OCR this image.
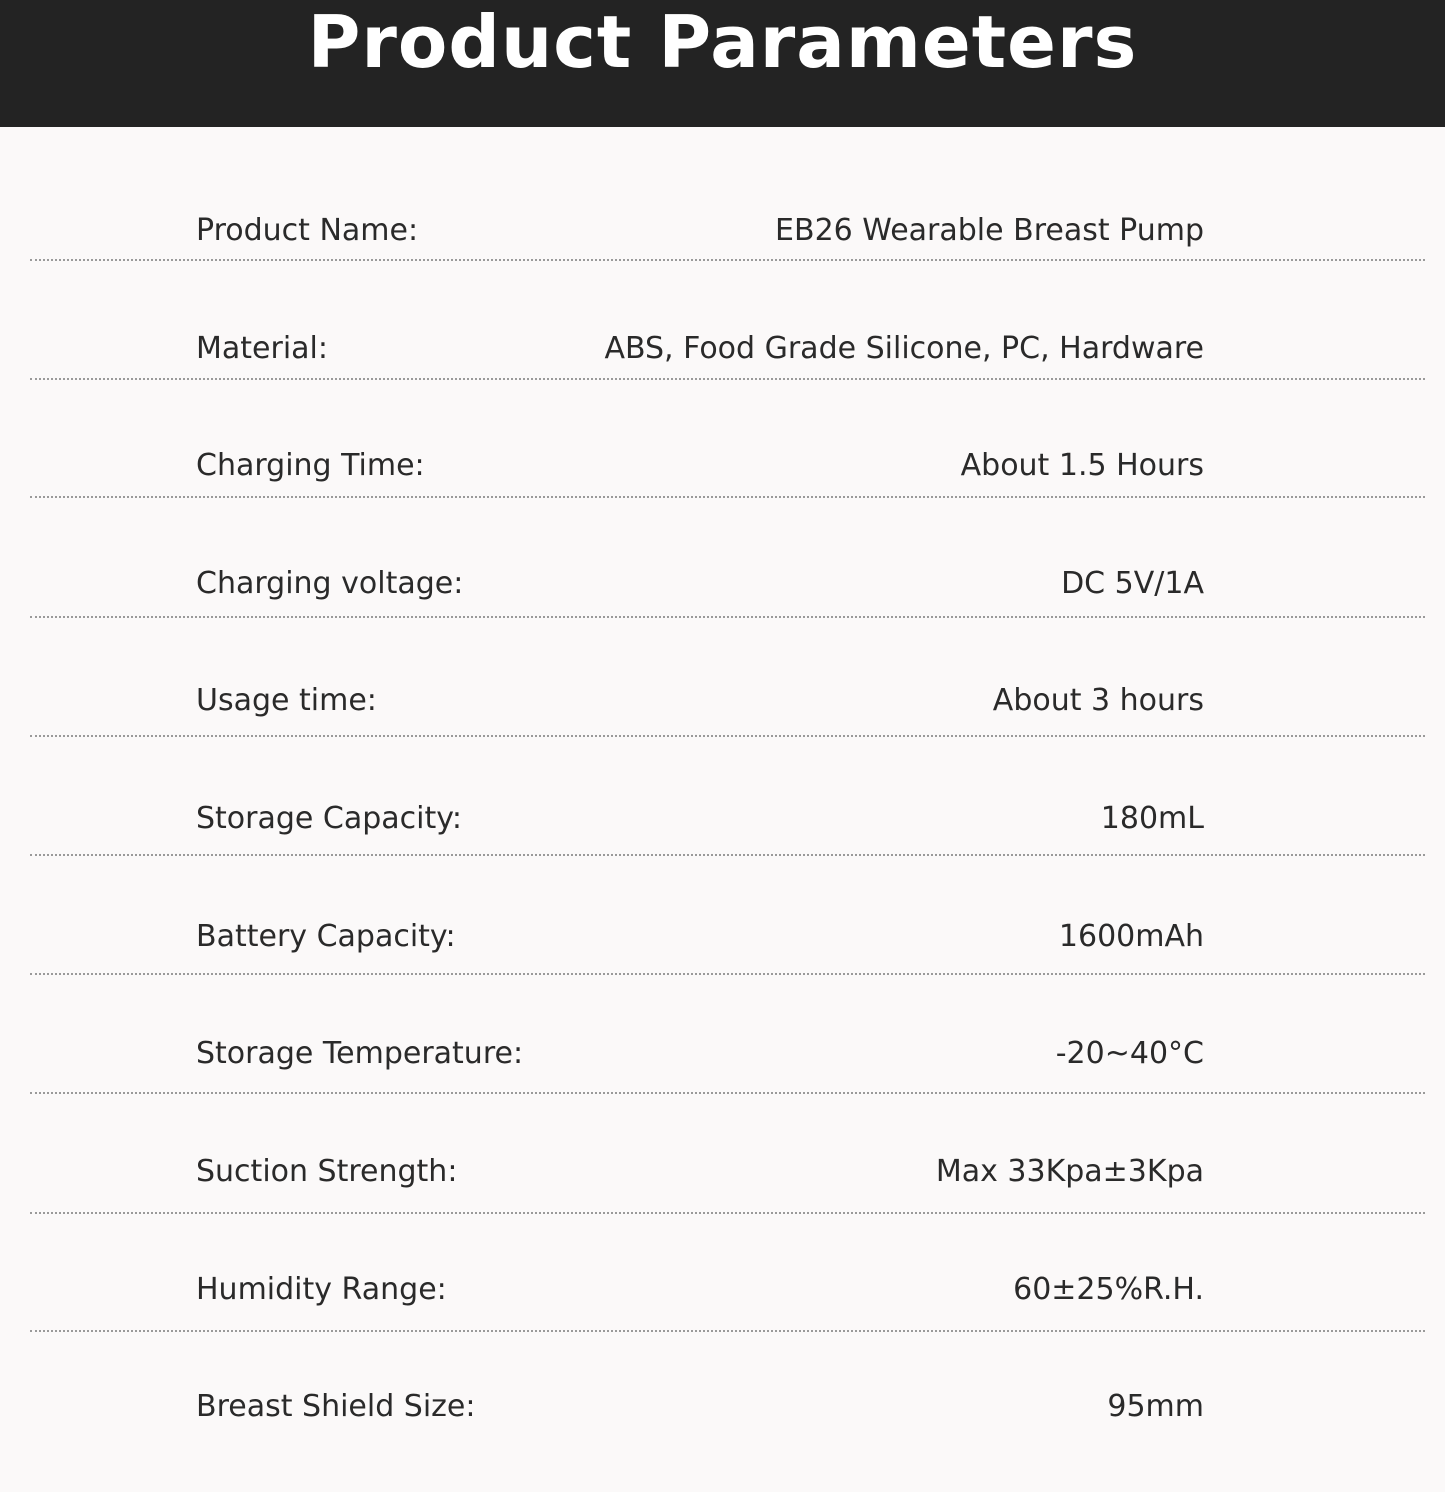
Product Parameters
Product Name:	EB26 Wearable Breast Pump
Material:	ABS, Food Grade Silicone, PC, Hardware
Charging Time:	About 1.5 Hours
Charging voltage:	DC 5V/1A
Usage time:	About 3 hours
Storage Capacity:	180mL
Battery Capacity:	1600mAh
Storage Temperature:	-20~40°C
Suction Strength:	Max 33Kpa±3Kpa
Humidity Range:	60±25%R.H.
Breast Shield Size:	95mm
